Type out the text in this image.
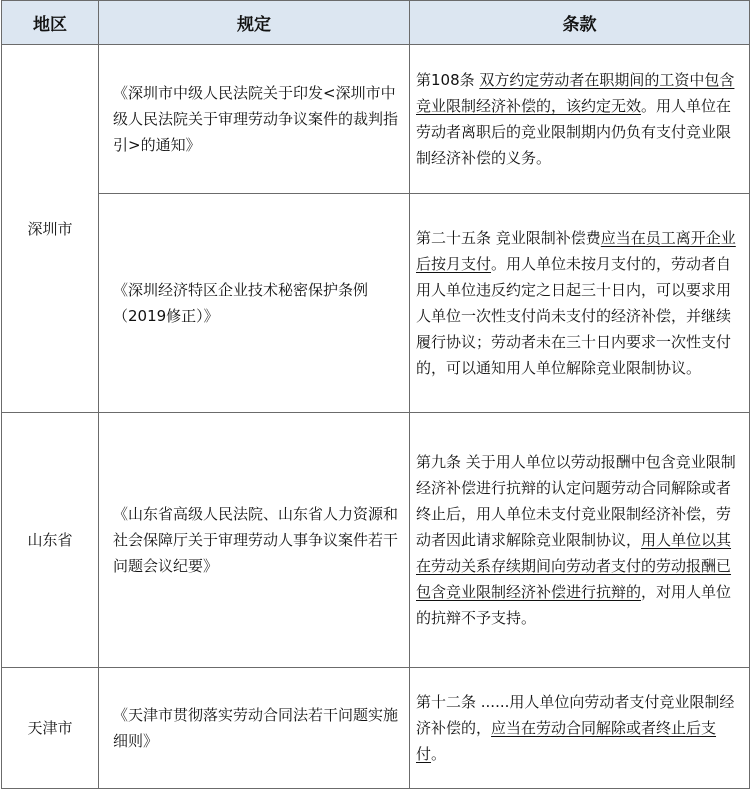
地区	规定	条款
深圳市	《深圳市中级人民法院关于印发<深圳市中级人民法院关于审理劳动争议案件的裁判指引>的通知》	第108条 双方约定劳动者在职期间的工资中包含竞业限制经济补偿的，该约定无效。用人单位在劳动者离职后的竞业限制期内仍负有支付竞业限制经济补偿的义务。
	《深圳经济特区企业技术秘密保护条例（2019修正）》	第二十五条 竞业限制补偿费应当在员工离开企业后按月支付。用人单位未按月支付的，劳动者自用人单位违反约定之日起三十日内，可以要求用人单位一次性支付尚未支付的经济补偿，并继续履行协议；劳动者未在三十日内要求一次性支付的，可以通知用人单位解除竞业限制协议。
山东省	《山东省高级人民法院、山东省人力资源和社会保障厅关于审理劳动人事争议案件若干问题会议纪要》	第九条 关于用人单位以劳动报酬中包含竞业限制经济补偿进行抗辩的认定问题劳动合同解除或者终止后，用人单位未支付竞业限制经济补偿，劳动者因此请求解除竞业限制协议，用人单位以其在劳动关系存续期间向劳动者支付的劳动报酬已包含竞业限制经济补偿进行抗辩的，对用人单位的抗辩不予支持。
天津市	《天津市贯彻落实劳动合同法若干问题实施细则》	第十二条 ......用人单位向劳动者支付竞业限制经济补偿的，应当在劳动合同解除或者终止后支付。
